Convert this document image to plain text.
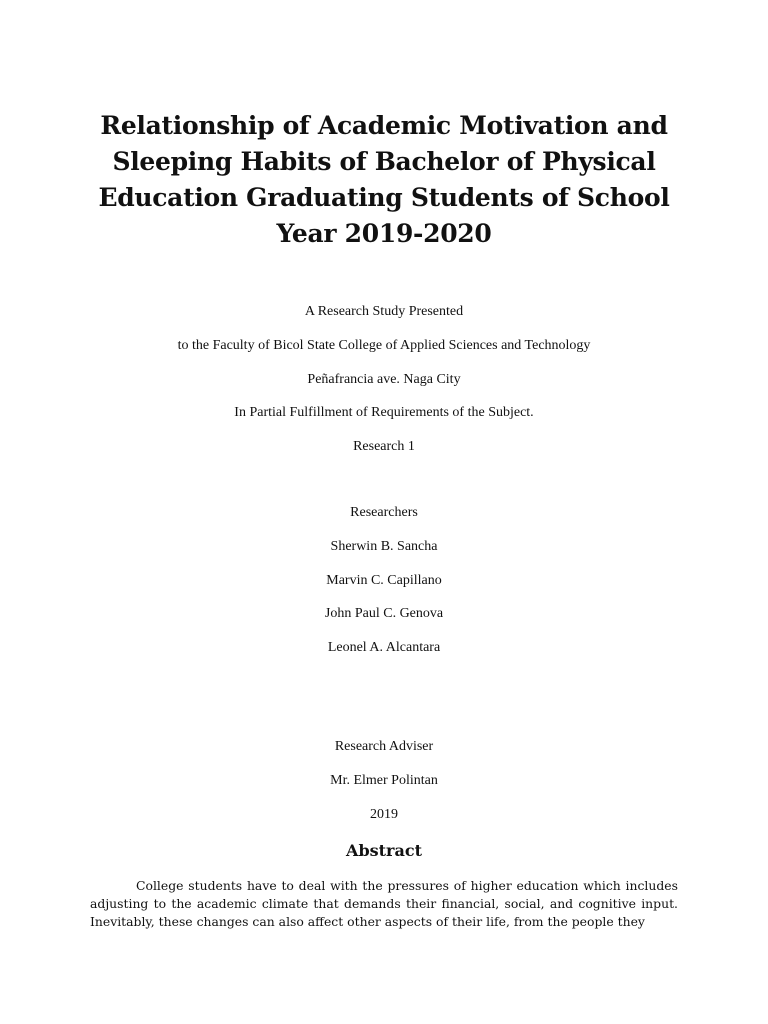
Relationship of Academic Motivation and Sleeping Habits of Bachelor of Physical Education Graduating Students of School Year 2019-2020
A Research Study Presented
to the Faculty of Bicol State College of Applied Sciences and Technology
Peñafrancia ave. Naga City
In Partial Fulfillment of Requirements of the Subject.
Research 1
Researchers
Sherwin B. Sancha
Marvin C. Capillano
John Paul C. Genova
Leonel A. Alcantara
Research Adviser
Mr. Elmer Polintan
2019
Abstract

College students have to deal with the pressures of higher education which includes adjusting to the academic climate that demands their financial, social, and cognitive input. Inevitably, these changes can also affect other aspects of their life, from the people they
